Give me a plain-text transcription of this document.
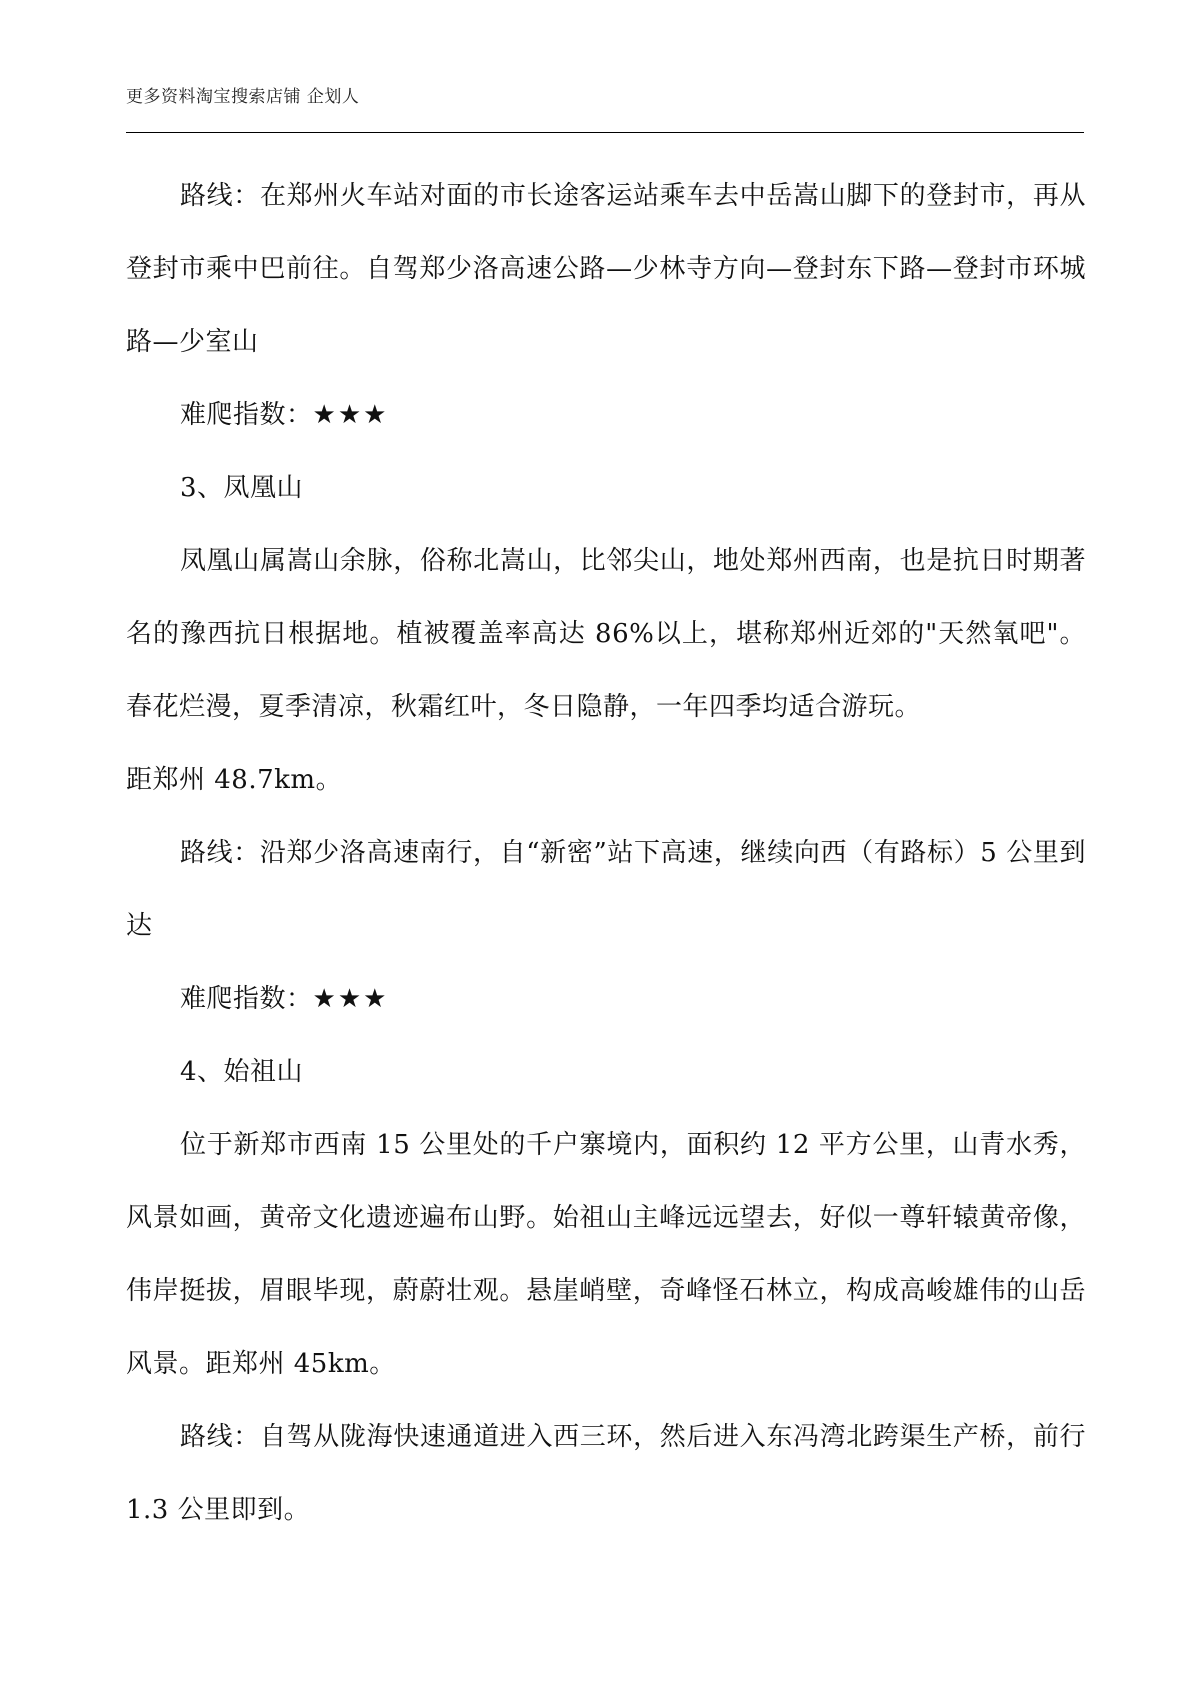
更多资料淘宝搜索店铺 企划人

路线：在郑州火车站对面的市长途客运站乘车去中岳嵩山脚下的登封市，再从登封市乘中巴前往。自驾郑少洛高速公路—少林寺方向—登封东下路—登封市环城路—少室山

难爬指数：★★★

3、凤凰山

凤凰山属嵩山余脉，俗称北嵩山，比邻尖山，地处郑州西南，也是抗日时期著名的豫西抗日根据地。植被覆盖率高达 86%以上，堪称郑州近郊的"天然氧吧"。春花烂漫，夏季清凉，秋霜红叶，冬日隐静，一年四季均适合游玩。

距郑州 48.7km。

路线：沿郑少洛高速南行，自“新密”站下高速，继续向西（有路标）5 公里到达

难爬指数：★★★

4、始祖山

位于新郑市西南 15 公里处的千户寨境内，面积约 12 平方公里，山青水秀，风景如画，黄帝文化遗迹遍布山野。始祖山主峰远远望去，好似一尊轩辕黄帝像，伟岸挺拔，眉眼毕现，蔚蔚壮观。悬崖峭壁，奇峰怪石林立，构成高峻雄伟的山岳风景。距郑州 45km。

路线：自驾从陇海快速通道进入西三环，然后进入东冯湾北跨渠生产桥，前行 1.3 公里即到。
